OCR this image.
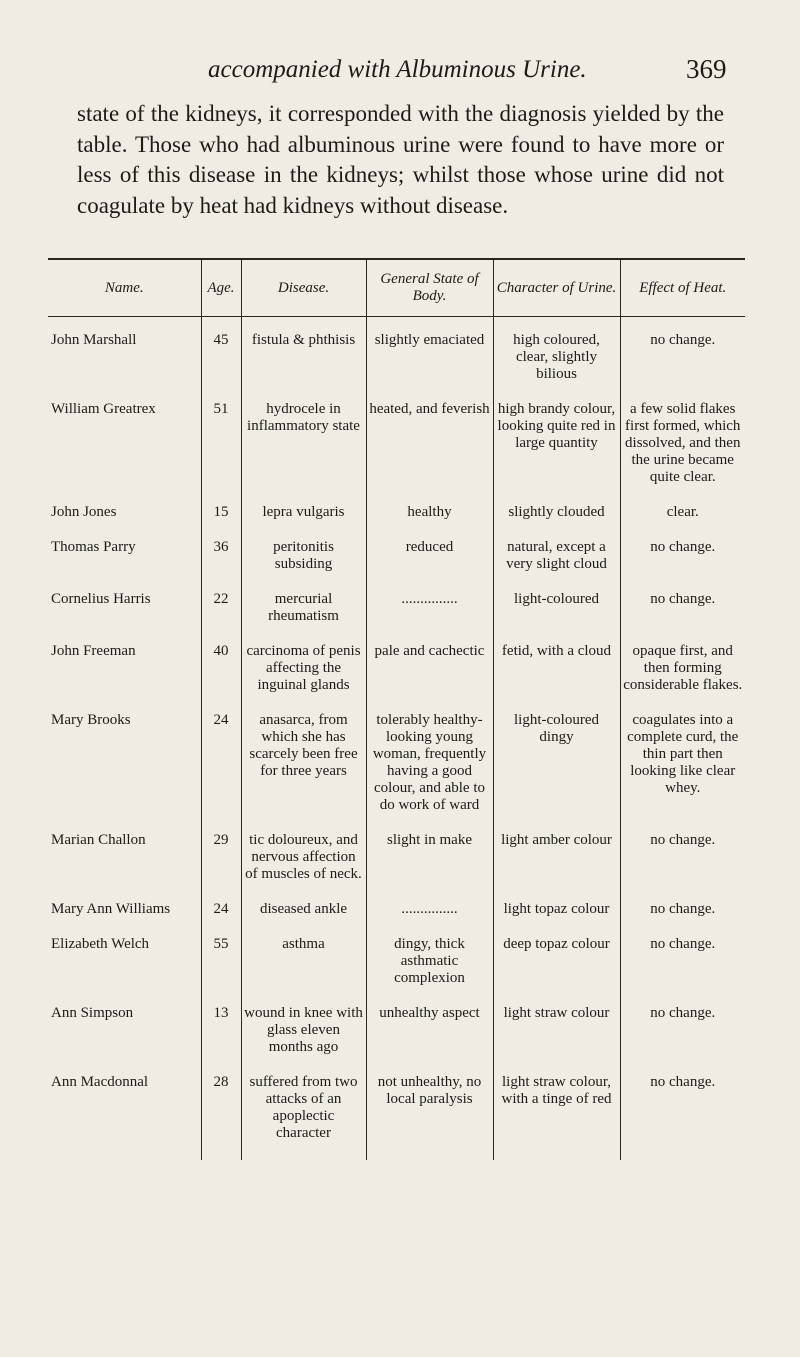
accompanied with Albuminous Urine.	369
state of the kidneys, it corresponded with the diagnosis yielded by the table. Those who had albuminous urine were found to have more or less of this disease in the kidneys; whilst those whose urine did not coagulate by heat had kidneys without disease.
Name.	Age.	Disease.	General State of Body.	Character of Urine.	Effect of Heat.

John Marshall	45	fistula & phthisis	slightly emaciated	high coloured, clear, slightly bilious	no change.
William Greatrex	51	hydrocele in inflammatory state	heated, and feverish	high brandy colour, looking quite red in large quantity	a few solid flakes first formed, which dissolved, and then the urine became quite clear.
John Jones	15	lepra vulgaris	healthy	slightly clouded	clear.
Thomas Parry	36	peritonitis subsiding	reduced	natural, except a very slight cloud	no change.
Cornelius Harris	22	mercurial rheumatism	...............	light-coloured	no change.
John Freeman	40	carcinoma of penis affecting the inguinal glands	pale and cachectic	fetid, with a cloud	opaque first, and then forming considerable flakes.
Mary Brooks	24	anasarca, from which she has scarcely been free for three years	tolerably healthy-looking young woman, frequently having a good colour, and able to do work of ward	light-coloured dingy	coagulates into a complete curd, the thin part then looking like clear whey.
Marian Challon	29	tic doloureux, and nervous affection of muscles of neck.	slight in make	light amber colour	no change.
Mary Ann Williams	24	diseased ankle	...............	light topaz colour	no change.
Elizabeth Welch	55	asthma	dingy, thick asthmatic complexion	deep topaz colour	no change.
Ann Simpson	13	wound in knee with glass eleven months ago	unhealthy aspect	light straw colour	no change.
Ann Macdonnal	28	suffered from two attacks of an apoplectic character	not unhealthy, no local paralysis	light straw colour, with a tinge of red	no change.
